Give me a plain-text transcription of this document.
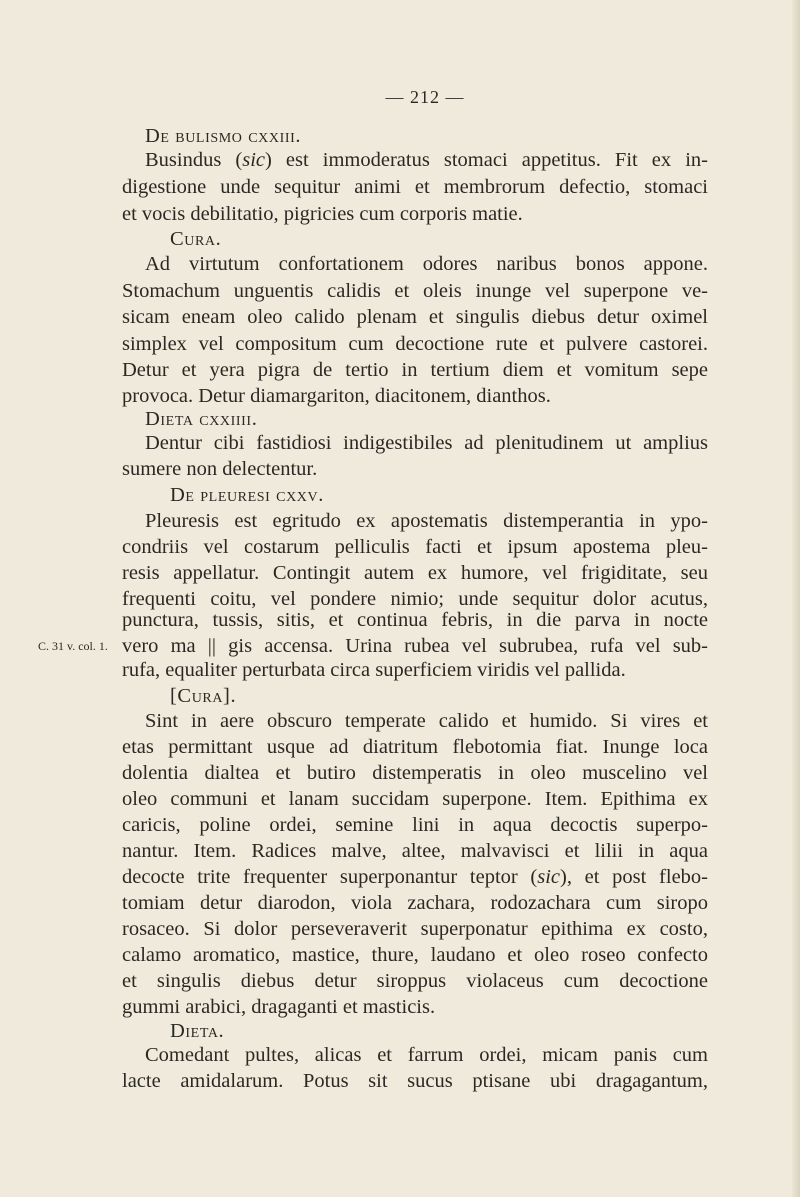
— 212 —
C. 31 v. col. 1.
De bulismo cxxiii.
Busindus (sic) est immoderatus stomaci appetitus. Fit ex in-
digestione unde sequitur animi et membrorum defectio, stomaci
et vocis debilitatio, pigricies cum corporis matie.
Cura.
Ad virtutum confortationem odores naribus bonos appone.
Stomachum unguentis calidis et oleis inunge vel superpone ve-
sicam eneam oleo calido plenam et singulis diebus detur oximel
simplex vel compositum cum decoctione rute et pulvere castorei.
Detur et yera pigra de tertio in tertium diem et vomitum sepe
provoca. Detur diamargariton, diacitonem, dianthos.
Dieta cxxiiii.
Dentur cibi fastidiosi indigestibiles ad plenitudinem ut amplius
sumere non delectentur.
De pleuresi cxxv.
Pleuresis est egritudo ex apostematis distemperantia in ypo-
condriis vel costarum pelliculis facti et ipsum apostema pleu-
resis appellatur. Contingit autem ex humore, vel frigiditate, seu
frequenti coitu, vel pondere nimio; unde sequitur dolor acutus,
punctura, tussis, sitis, et continua febris, in die parva in nocte
vero ma || gis accensa. Urina rubea vel subrubea, rufa vel sub-
rufa, equaliter perturbata circa superficiem viridis vel pallida.
[Cura].
Sint in aere obscuro temperate calido et humido. Si vires et
etas permittant usque ad diatritum flebotomia fiat. Inunge loca
dolentia dialtea et butiro distemperatis in oleo muscelino vel
oleo communi et lanam succidam superpone. Item. Epithima ex
caricis, poline ordei, semine lini in aqua decoctis superpo-
nantur. Item. Radices malve, altee, malvavisci et lilii in aqua
decocte trite frequenter superponantur teptor (sic), et post flebo-
tomiam detur diarodon, viola zachara, rodozachara cum siropo
rosaceo. Si dolor perseveraverit superponatur epithima ex costo,
calamo aromatico, mastice, thure, laudano et oleo roseo confecto
et singulis diebus detur siroppus violaceus cum decoctione
gummi arabici, dragaganti et masticis.
Dieta.
Comedant pultes, alicas et farrum ordei, micam panis cum
lacte amidalarum. Potus sit sucus ptisane ubi dragagantum,
